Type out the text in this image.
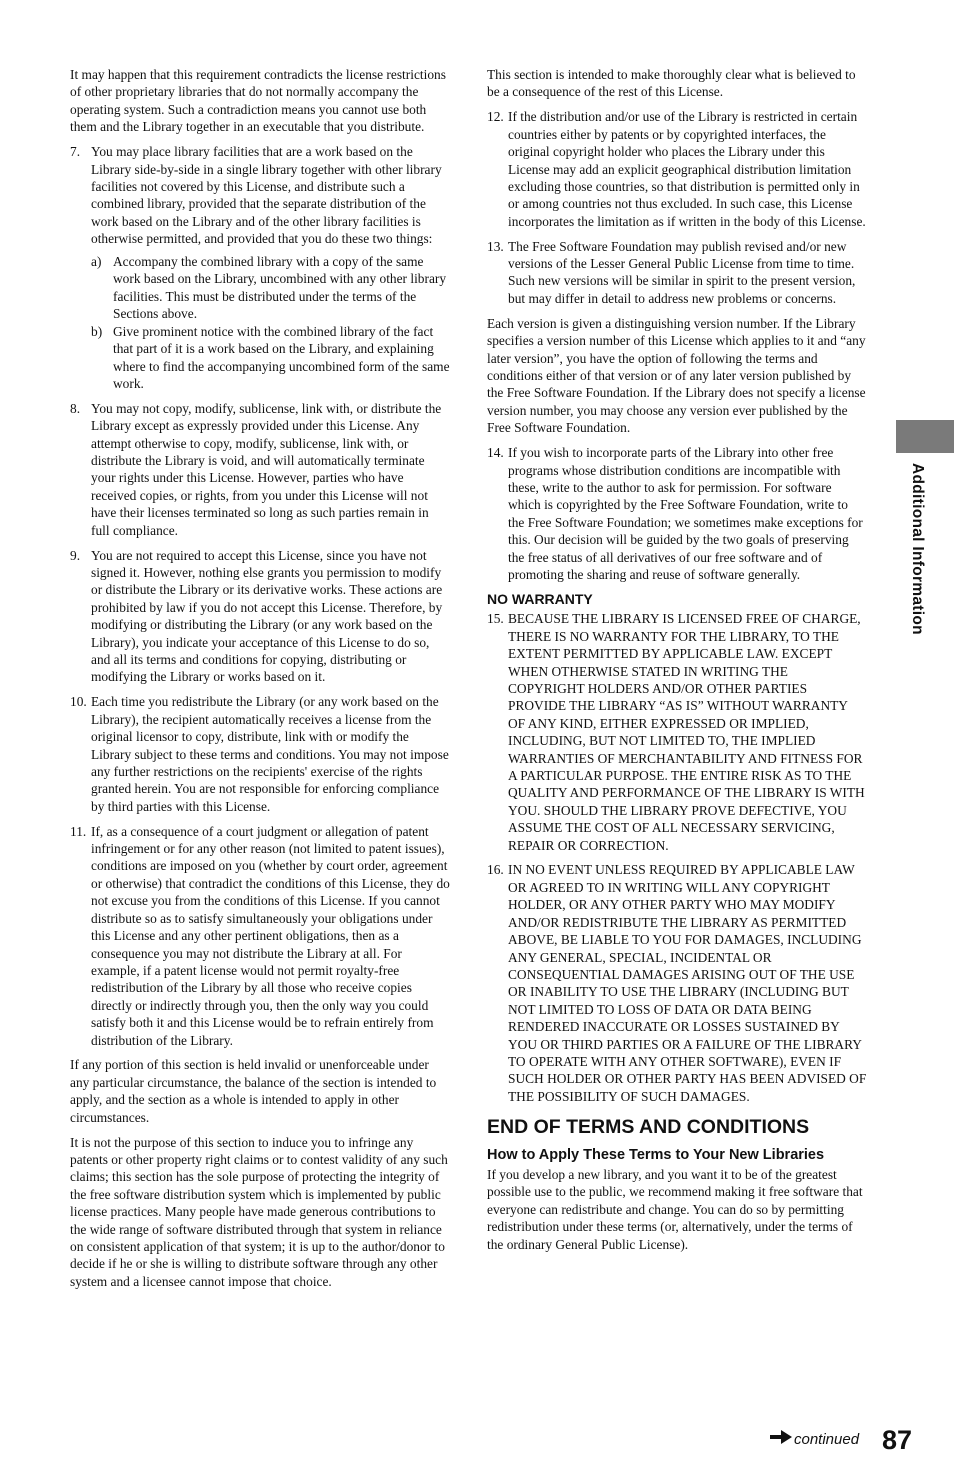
It may happen that this requirement contradicts the license restrictions of other proprietary libraries that do not normally accompany the operating system. Such a contradiction means you cannot use both them and the Library together in an executable that you distribute.

7. You may place library facilities that are a work based on the Library side-by-side in a single library together with other library facilities not covered by this License, and distribute such a combined library, provided that the separate distribution of the work based on the Library and of the other library facilities is otherwise permitted, and provided that you do these two things:
a) Accompany the combined library with a copy of the same work based on the Library, uncombined with any other library facilities. This must be distributed under the terms of the Sections above.
b) Give prominent notice with the combined library of the fact that part of it is a work based on the Library, and explaining where to find the accompanying uncombined form of the same work.
8. You may not copy, modify, sublicense, link with, or distribute the Library except as expressly provided under this License. Any attempt otherwise to copy, modify, sublicense, link with, or distribute the Library is void, and will automatically terminate your rights under this License. However, parties who have received copies, or rights, from you under this License will not have their licenses terminated so long as such parties remain in full compliance.
9. You are not required to accept this License, since you have not signed it. However, nothing else grants you permission to modify or distribute the Library or its derivative works. These actions are prohibited by law if you do not accept this License. Therefore, by modifying or distributing the Library (or any work based on the Library), you indicate your acceptance of this License to do so, and all its terms and conditions for copying, distributing or modifying the Library or works based on it.
10. Each time you redistribute the Library (or any work based on the Library), the recipient automatically receives a license from the original licensor to copy, distribute, link with or modify the Library subject to these terms and conditions. You may not impose any further restrictions on the recipients' exercise of the rights granted herein. You are not responsible for enforcing compliance by third parties with this License.
11. If, as a consequence of a court judgment or allegation of patent infringement or for any other reason (not limited to patent issues), conditions are imposed on you (whether by court order, agreement or otherwise) that contradict the conditions of this License, they do not excuse you from the conditions of this License. If you cannot distribute so as to satisfy simultaneously your obligations under this License and any other pertinent obligations, then as a consequence you may not distribute the Library at all. For example, if a patent license would not permit royalty-free redistribution of the Library by all those who receive copies directly or indirectly through you, then the only way you could satisfy both it and this License would be to refrain entirely from distribution of the Library.

If any portion of this section is held invalid or unenforceable under any particular circumstance, the balance of the section is intended to apply, and the section as a whole is intended to apply in other circumstances.

It is not the purpose of this section to induce you to infringe any patents or other property right claims or to contest validity of any such claims; this section has the sole purpose of protecting the integrity of the free software distribution system which is implemented by public license practices. Many people have made generous contributions to the wide range of software distributed through that system in reliance on consistent application of that system; it is up to the author/donor to decide if he or she is willing to distribute software through any other system and a licensee cannot impose that choice.

This section is intended to make thoroughly clear what is believed to be a consequence of the rest of this License.

12. If the distribution and/or use of the Library is restricted in certain countries either by patents or by copyrighted interfaces, the original copyright holder who places the Library under this License may add an explicit geographical distribution limitation excluding those countries, so that distribution is permitted only in or among countries not thus excluded. In such case, this License incorporates the limitation as if written in the body of this License.
13. The Free Software Foundation may publish revised and/or new versions of the Lesser General Public License from time to time. Such new versions will be similar in spirit to the present version, but may differ in detail to address new problems or concerns.

Each version is given a distinguishing version number. If the Library specifies a version number of this License which applies to it and “any later version”, you have the option of following the terms and conditions either of that version or of any later version published by the Free Software Foundation. If the Library does not specify a license version number, you may choose any version ever published by the Free Software Foundation.

14. If you wish to incorporate parts of the Library into other free programs whose distribution conditions are incompatible with these, write to the author to ask for permission. For software which is copyrighted by the Free Software Foundation, write to the Free Software Foundation; we sometimes make exceptions for this. Our decision will be guided by the two goals of preserving the free status of all derivatives of our free software and of promoting the sharing and reuse of software generally.
NO WARRANTY
15. BECAUSE THE LIBRARY IS LICENSED FREE OF CHARGE, THERE IS NO WARRANTY FOR THE LIBRARY, TO THE EXTENT PERMITTED BY APPLICABLE LAW. EXCEPT WHEN OTHERWISE STATED IN WRITING THE COPYRIGHT HOLDERS AND/OR OTHER PARTIES PROVIDE THE LIBRARY “AS IS” WITHOUT WARRANTY OF ANY KIND, EITHER EXPRESSED OR IMPLIED, INCLUDING, BUT NOT LIMITED TO, THE IMPLIED WARRANTIES OF MERCHANTABILITY AND FITNESS FOR A PARTICULAR PURPOSE. THE ENTIRE RISK AS TO THE QUALITY AND PERFORMANCE OF THE LIBRARY IS WITH YOU. SHOULD THE LIBRARY PROVE DEFECTIVE, YOU ASSUME THE COST OF ALL NECESSARY SERVICING, REPAIR OR CORRECTION.
16. IN NO EVENT UNLESS REQUIRED BY APPLICABLE LAW OR AGREED TO IN WRITING WILL ANY COPYRIGHT HOLDER, OR ANY OTHER PARTY WHO MAY MODIFY AND/OR REDISTRIBUTE THE LIBRARY AS PERMITTED ABOVE, BE LIABLE TO YOU FOR DAMAGES, INCLUDING ANY GENERAL, SPECIAL, INCIDENTAL OR CONSEQUENTIAL DAMAGES ARISING OUT OF THE USE OR INABILITY TO USE THE LIBRARY (INCLUDING BUT NOT LIMITED TO LOSS OF DATA OR DATA BEING RENDERED INACCURATE OR LOSSES SUSTAINED BY YOU OR THIRD PARTIES OR A FAILURE OF THE LIBRARY TO OPERATE WITH ANY OTHER SOFTWARE), EVEN IF SUCH HOLDER OR OTHER PARTY HAS BEEN ADVISED OF THE POSSIBILITY OF SUCH DAMAGES.
END OF TERMS AND CONDITIONS
How to Apply These Terms to Your New Libraries

If you develop a new library, and you want it to be of the greatest possible use to the public, we recommend making it free software that everyone can redistribute and change. You can do so by permitting redistribution under these terms (or, alternatively, under the terms of the ordinary General Public License).

Additional Information
continued 87
